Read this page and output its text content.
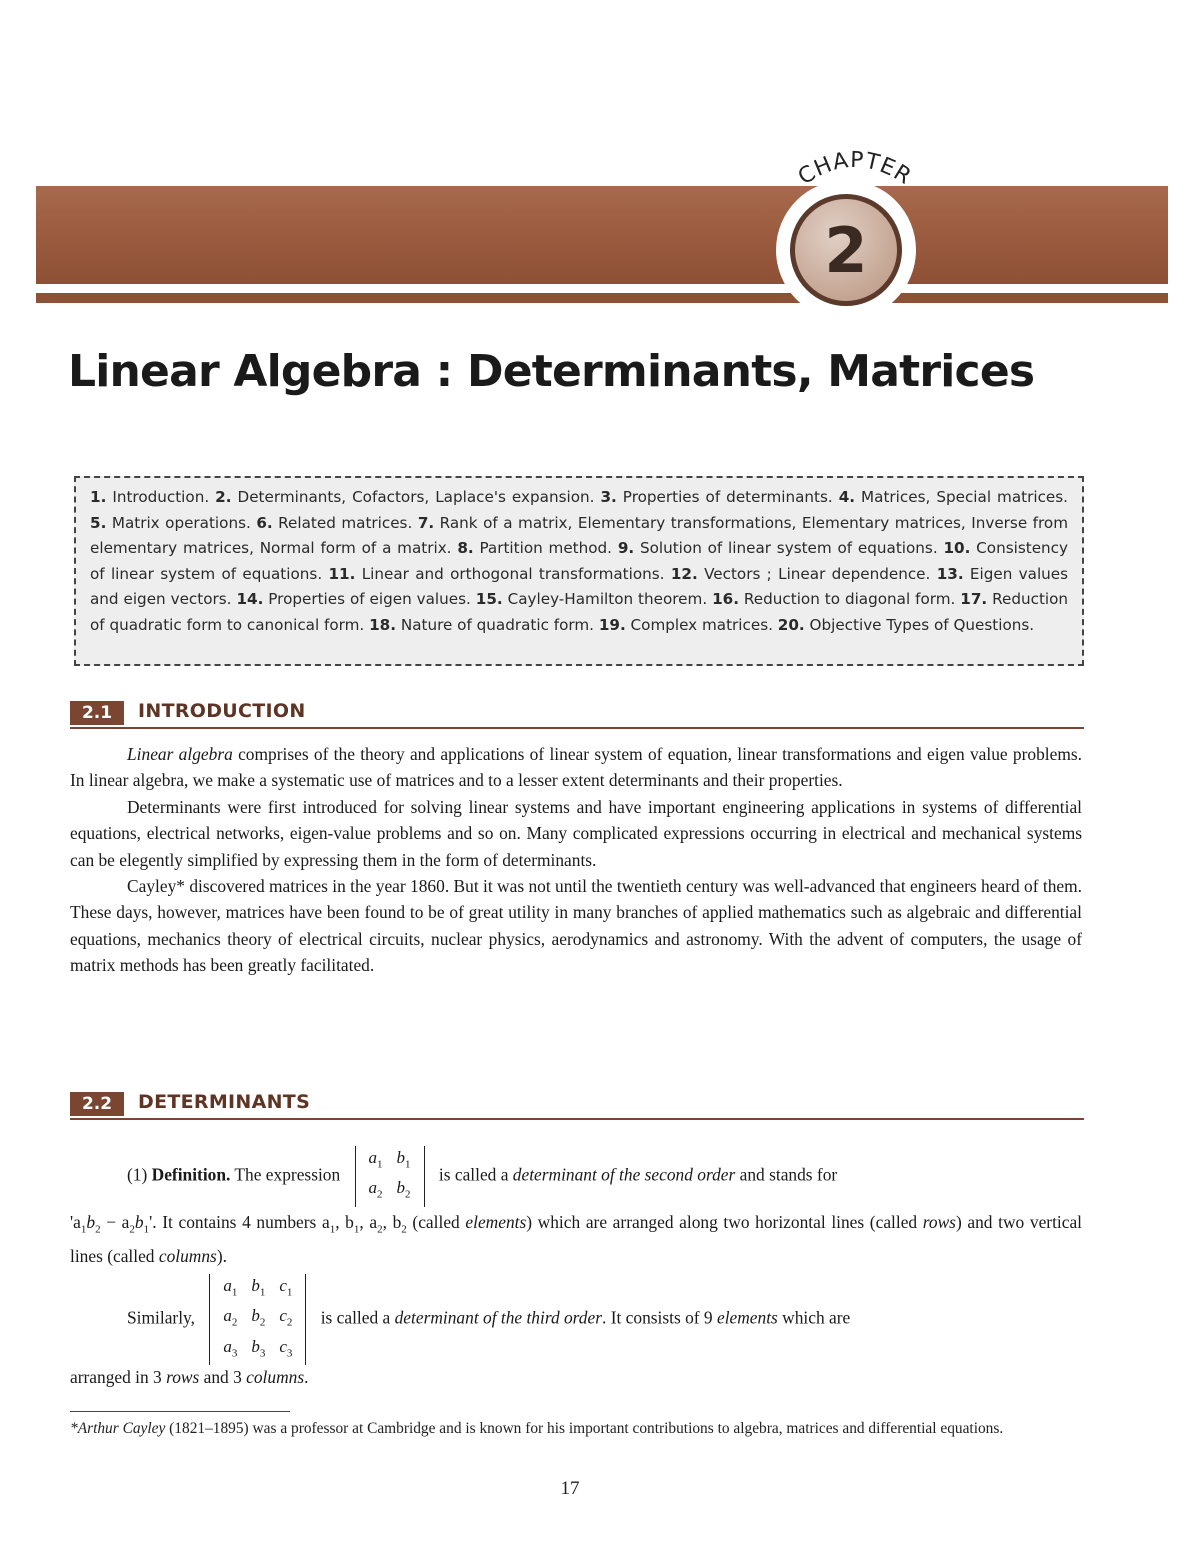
2
CHAPTER
Linear Algebra : Determinants, Matrices
1. Introduction. 2. Determinants, Cofactors, Laplace's expansion. 3. Properties of determinants. 4. Matrices, Special matrices. 5. Matrix operations. 6. Related matrices. 7. Rank of a matrix, Elementary transformations, Elementary matrices, Inverse from elementary matrices, Normal form of a matrix. 8. Partition method. 9. Solution of linear system of equations. 10. Consistency of linear system of equations. 11. Linear and orthogonal transformations. 12. Vectors ; Linear dependence. 13. Eigen values and eigen vectors. 14. Properties of eigen values. 15. Cayley-Hamilton theorem. 16. Reduction to diagonal form. 17. Reduction of quadratic form to canonical form. 18. Nature of quadratic form. 19. Complex matrices. 20. Objective Types of Questions.
2.1	INTRODUCTION

Linear algebra comprises of the theory and applications of linear system of equation, linear transformations and eigen value problems. In linear algebra, we make a systematic use of matrices and to a lesser extent determinants and their properties.

Determinants were first introduced for solving linear systems and have important engineering applications in systems of differential equations, electrical networks, eigen-value problems and so on. Many complicated expressions occurring in electrical and mechanical systems can be elegently simplified by expressing them in the form of determinants.

Cayley* discovered matrices in the year 1860. But it was not until the twentieth century was well-advanced that engineers heard of them. These days, however, matrices have been found to be of great utility in many branches of applied mathematics such as algebraic and differential equations, mechanics theory of electrical circuits, nuclear physics, aerodynamics and astronomy. With the advent of computers, the usage of matrix methods has been greatly facilitated.

2.2	DETERMINANTS
(1) Definition. The expression
$a_1$	$b_1$
$a_2$	$b_2$
is called a determinant of the second order and stands for
'$a_1b_2 - a_2b_1$'. It contains 4 numbers $a_1$, $b_1$, $a_2$, $b_2$ (called elements) which are arranged along two horizontal lines (called rows) and two vertical lines (called columns).
Similarly,
$a_1$	$b_1$	$c_1$
$a_2$	$b_2$	$c_2$
$a_3$	$b_3$	$c_3$
is called a determinant of the third order. It consists of 9 elements which are
arranged in 3 rows and 3 columns.
*Arthur Cayley (1821–1895) was a professor at Cambridge and is known for his important contributions to algebra, matrices and differential equations.
17
